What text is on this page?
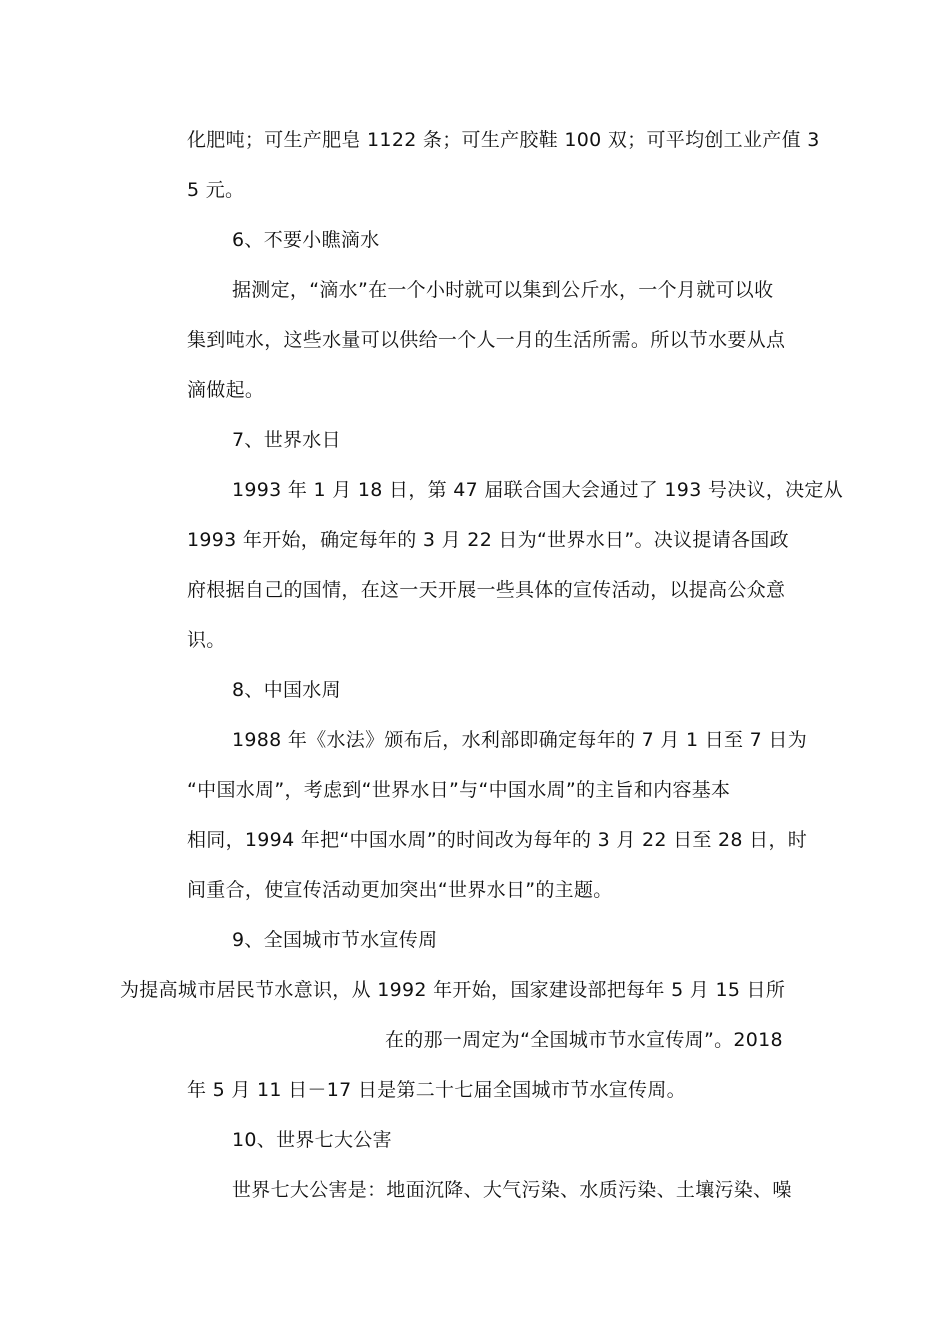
化肥吨；可生产肥皂 1122 条；可生产胶鞋 100 双；可平均创工业产值 3
5 元。
6、不要小瞧滴水
据测定，“滴水”在一个小时就可以集到公斤水，一个月就可以收
集到吨水，这些水量可以供给一个人一月的生活所需。所以节水要从点
滴做起。
7、世界水日
1993 年 1 月 18 日，第 47 届联合国大会通过了 193 号决议，决定从
1993 年开始，确定每年的 3 月 22 日为“世界水日”。决议提请各国政
府根据自己的国情，在这一天开展一些具体的宣传活动，以提高公众意
识。
8、中国水周
1988 年《水法》颁布后，水利部即确定每年的 7 月 1 日至 7 日为
“中国水周”，考虑到“世界水日”与“中国水周”的主旨和内容基本
相同，1994 年把“中国水周”的时间改为每年的 3 月 22 日至 28 日，时
间重合，使宣传活动更加突出“世界水日”的主题。
9、全国城市节水宣传周
为提高城市居民节水意识，从 1992 年开始，国家建设部把每年 5 月 15 日所
在的那一周定为“全国城市节水宣传周”。2018
年 5 月 11 日－17 日是第二十七届全国城市节水宣传周。
10、世界七大公害
世界七大公害是：地面沉降、大气污染、水质污染、土壤污染、噪
